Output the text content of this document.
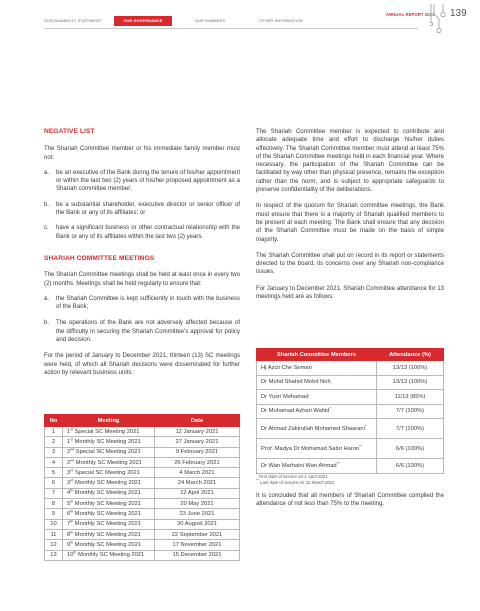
SUSTAINABILITY STATEMENT	OUR GOVERNANCE	OUR NUMBERS	OTHER INFORMATION
ANNUAL REPORT 2021 139
NEGATIVE LIST

The Shariah Committee member or his immediate family member must not:

a. be an executive of the Bank during the tenure of his/her appointment or within the last two (2) years of his/her proposed appointment as a Shariah committee member;
b. be a substantial shareholder, executive director or senior officer of the Bank or any of its affiliates; or
c. have a significant business or other contractual relationship with the Bank or any of its affiliates within the last two (2) years.
SHARIAH COMMITTEE MEETINGS

The Shariah Committee meetings shall be held at least once in every two (2) months. Meetings shall be held regularly to ensure that:

a. the Shariah Committee is kept sufficiently in touch with the business of the Bank;
b. The operations of the Bank are not adversely affected because of the difficulty in securing the Shariah Committee's approval for policy and decision.

For the period of January to December 2021, thirteen (13) SC meetings were held, of which all Shariah decisions were disseminated for further action by relevant business units:

No	Meeting	Date
1	1st Special SC Meeting 2021	12 January 2021
2	1st Monthly SC Meeting 2021	27 January 2021
3	2nd Special SC Meeting 2021	9 February 2021
4	2nd Monthly SC Meeting 2021	26 February 2021
5	3rd Special SC Meeting 2021	4 March 2021
6	3rd Monthly SC Meeting 2021	24 March 2021
7	4th Monthly SC Meeting 2021	22 April 2021
8	5th Monthly SC Meeting 2021	20 May 2021
9	6th Monthly SC Meeting 2021	23 June 2021
10	7th Monthly SC Meeting 2021	30 August 2021
11	8th Monthly SC Meeting 2021	22 September 2021
12	9th Monthly SC Meeting 2021	17 November 2021
13	10th Monthly SC Meeting 2021	15 December 2021

The Shariah Committee member is expected to contribute and allocate adequate time and effort to discharge his/her duties effectively. The Shariah Committee member must attend at least 75% of the Shariah Committee meetings held in each financial year. Where necessary, the participation of the Shariah Committee can be facilitated by way other than physical presence, remains the exception rather than the norm, and is subject to appropriate safeguards to preserve confidentiality of the deliberations.

In respect of the quorum for Shariah committee meetings, the Bank must ensure that there is a majority of Shariah qualified members to be present at each meeting. The Bank shall ensure that any decision of the Shariah Committee must be made on the basis of simple majority.

The Shariah Committee shall put on record in its report or statements directed to the board, its concerns over any Shariah non-compliance issues.

For January to December 2021, Shariah Committee attendance for 13 meetings held are as follows:

Shariah Committee Members	Attendance (%)
Hj Azizi Che Seman	13/13 (100%)
Dr Mohd Shahid Mohd Noh	13/13 (100%)
Dr Yusri Mohamad	11/13 (85%)
Dr Muhamad Azhari Wahid*	7/7 (100%)
Dr Ahmad Zakirullah Mohamed Shaarani*	7/7 (100%)
Prof. Madya Dr Mohamad Sabri Haron**	6/6 (100%)
Dr Wan Marhaini Wan Ahmad**	6/6 (100%)
* First date of service on 1 April 2021
** Last date of service on 31 March 2021
It is concluded that all members of Shariah Committee complied the attendance of not less than 75% to the meeting.
